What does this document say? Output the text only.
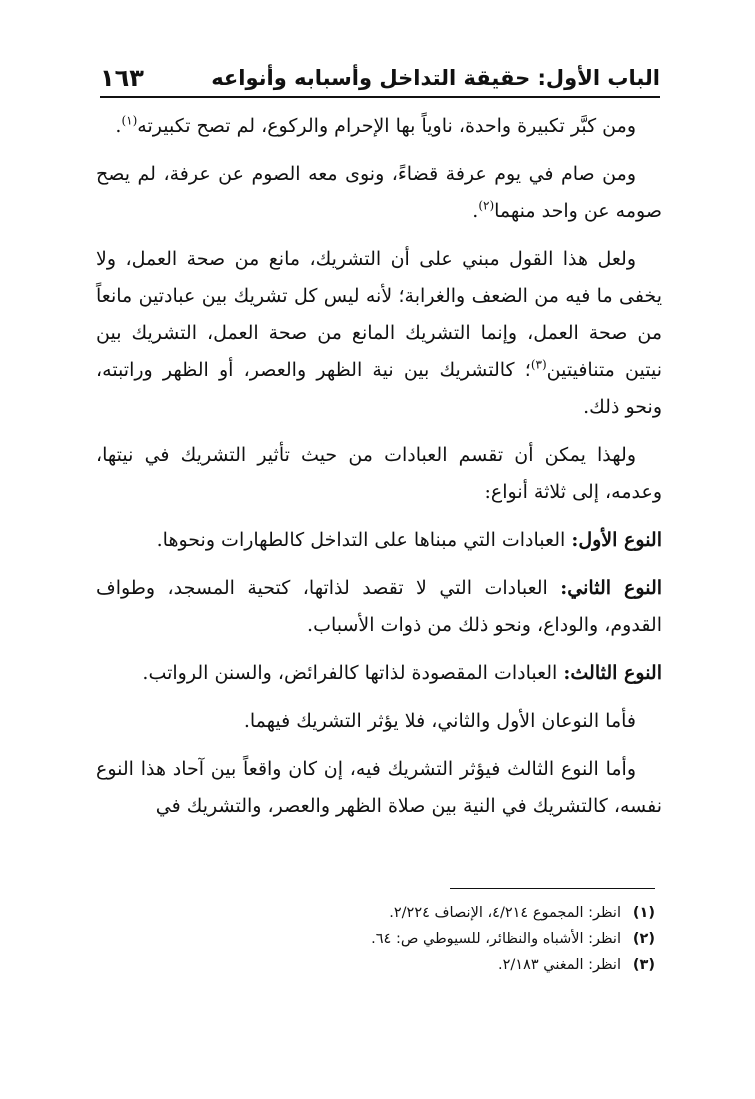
الباب الأول: حقيقة التداخل وأسبابه وأنواعه
١٦٣

ومن كبَّر تكبيرة واحدة، ناوياً بها الإحرام والركوع، لم تصح تكبيرته$^{(١)}$.

ومن صام في يوم عرفة قضاءً، ونوى معه الصوم عن عرفة، لم يصح صومه عن واحد منهما$^{(٢)}$.

ولعل هذا القول مبني على أن التشريك، مانع من صحة العمل، ولا يخفى ما فيه من الضعف والغرابة؛ لأنه ليس كل تشريك بين عبادتين مانعاً من صحة العمل، وإنما التشريك المانع من صحة العمل، التشريك بين نيتين متنافيتين$^{(٣)}$؛ كالتشريك بين نية الظهر والعصر، أو الظهر وراتبته، ونحو ذلك.

ولهذا يمكن أن تقسم العبادات من حيث تأثير التشريك في نيتها، وعدمه، إلى ثلاثة أنواع:

النوع الأول: العبادات التي مبناها على التداخل كالطهارات ونحوها.

النوع الثاني: العبادات التي لا تقصد لذاتها، كتحية المسجد، وطواف القدوم، والوداع، ونحو ذلك من ذوات الأسباب.

النوع الثالث: العبادات المقصودة لذاتها كالفرائض، والسنن الرواتب.

فأما النوعان الأول والثاني، فلا يؤثر التشريك فيهما.

وأما النوع الثالث فيؤثر التشريك فيه، إن كان واقعاً بين آحاد هذا النوع نفسه، كالتشريك في النية بين صلاة الظهر والعصر، والتشريك في

(١)انظر: المجموع ٤/٢١٤، الإنصاف ٢/٢٢٤.
(٢)انظر: الأشباه والنظائر، للسيوطي ص: ٦٤.
(٣)انظر: المغني ٢/١٨٣.
